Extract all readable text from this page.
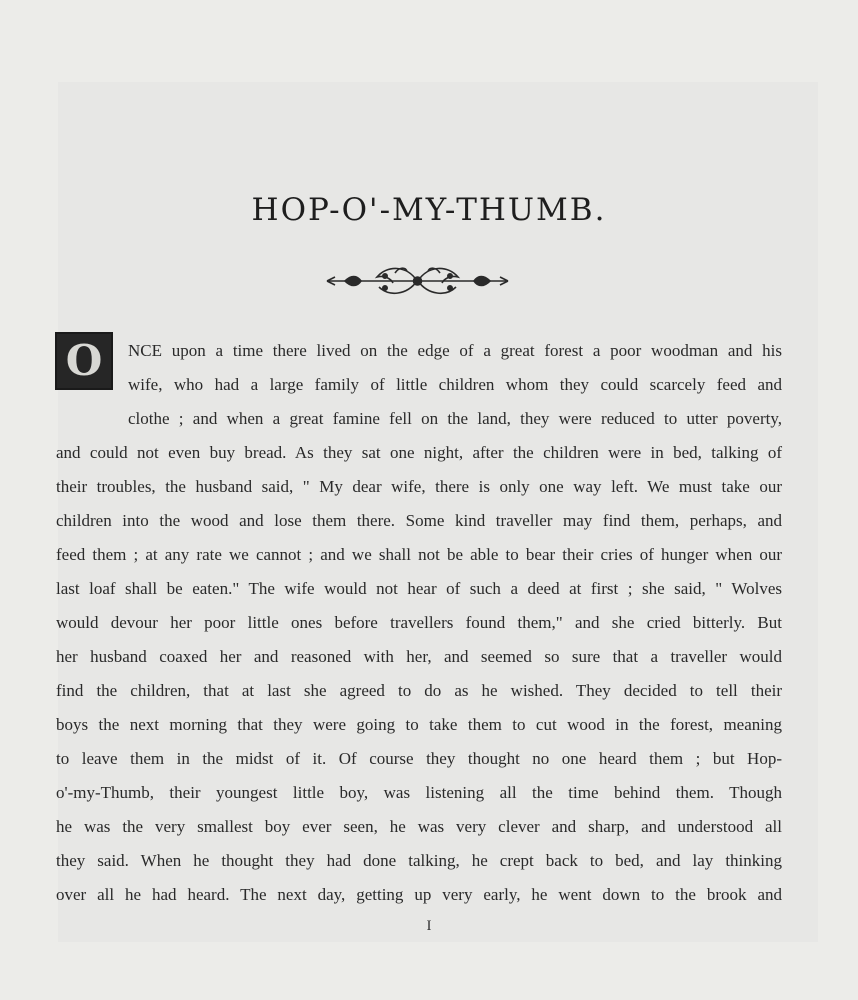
HOP-O'-MY-THUMB.
O NCE upon a time there lived on the edge of a great forest a poor woodman and his
wife, who had a large family of little children whom they could scarcely feed and
clothe ; and when a great famine fell on the land, they were reduced to utter poverty,
and could not even buy bread. As they sat one night, after the children were in bed, talking of
their troubles, the husband said, " My dear wife, there is only one way left. We must take our
children into the wood and lose them there. Some kind traveller may find them, perhaps, and
feed them ; at any rate we cannot ; and we shall not be able to bear their cries of hunger when our
last loaf shall be eaten." The wife would not hear of such a deed at first ; she said, " Wolves
would devour her poor little ones before travellers found them," and she cried bitterly. But
her husband coaxed her and reasoned with her, and seemed so sure that a traveller would
find the children, that at last she agreed to do as he wished. They decided to tell their
boys the next morning that they were going to take them to cut wood in the forest, meaning
to leave them in the midst of it. Of course they thought no one heard them ; but Hop-
o'-my-Thumb, their youngest little boy, was listening all the time behind them. Though
he was the very smallest boy ever seen, he was very clever and sharp, and understood all
they said. When he thought they had done talking, he crept back to bed, and lay thinking
over all he had heard. The next day, getting up very early, he went down to the brook and
I
